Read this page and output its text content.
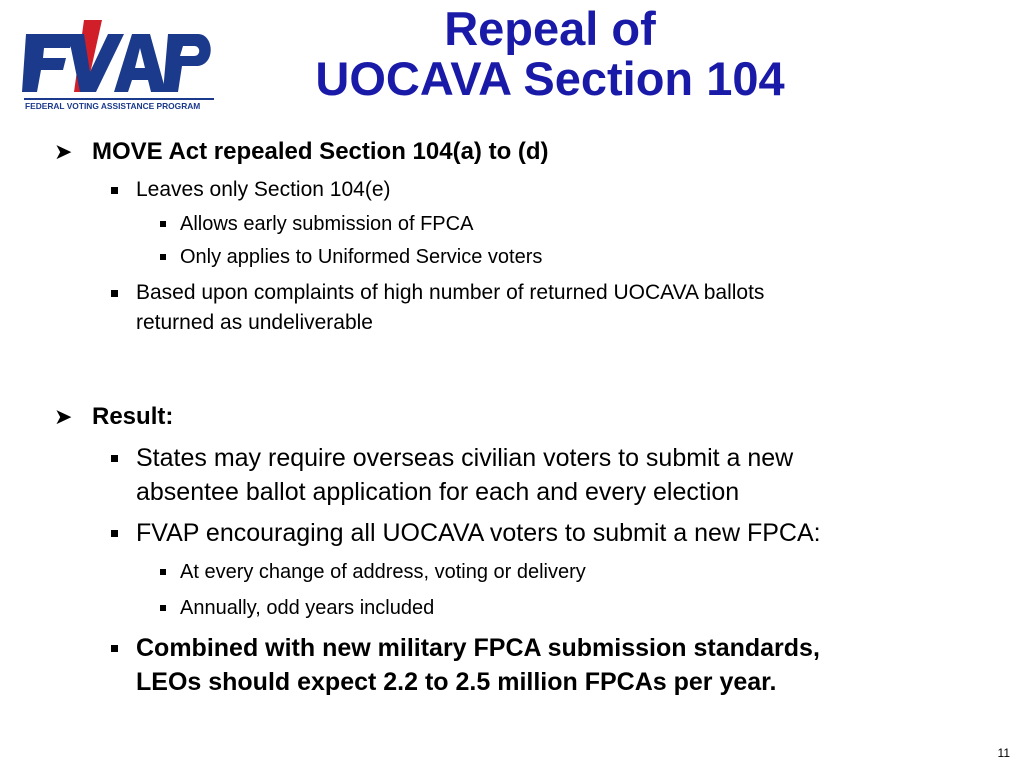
FEDERAL VOTING ASSISTANCE PROGRAM
Repeal of
UOCAVA Section 104
➤ MOVE Act repealed Section 104(a) to (d)
Leaves only Section 104(e)
Allows early submission of FPCA
Only applies to Uniformed Service voters
Based upon complaints of high number of returned UOCAVA ballots
returned as undeliverable
➤ Result:
States may require overseas civilian voters to submit a new
absentee ballot application for each and every election
FVAP encouraging all UOCAVA voters to submit a new FPCA:
At every change of address, voting or delivery
Annually, odd years included
Combined with new military FPCA submission standards,
LEOs should expect 2.2 to 2.5 million FPCAs per year.
11
